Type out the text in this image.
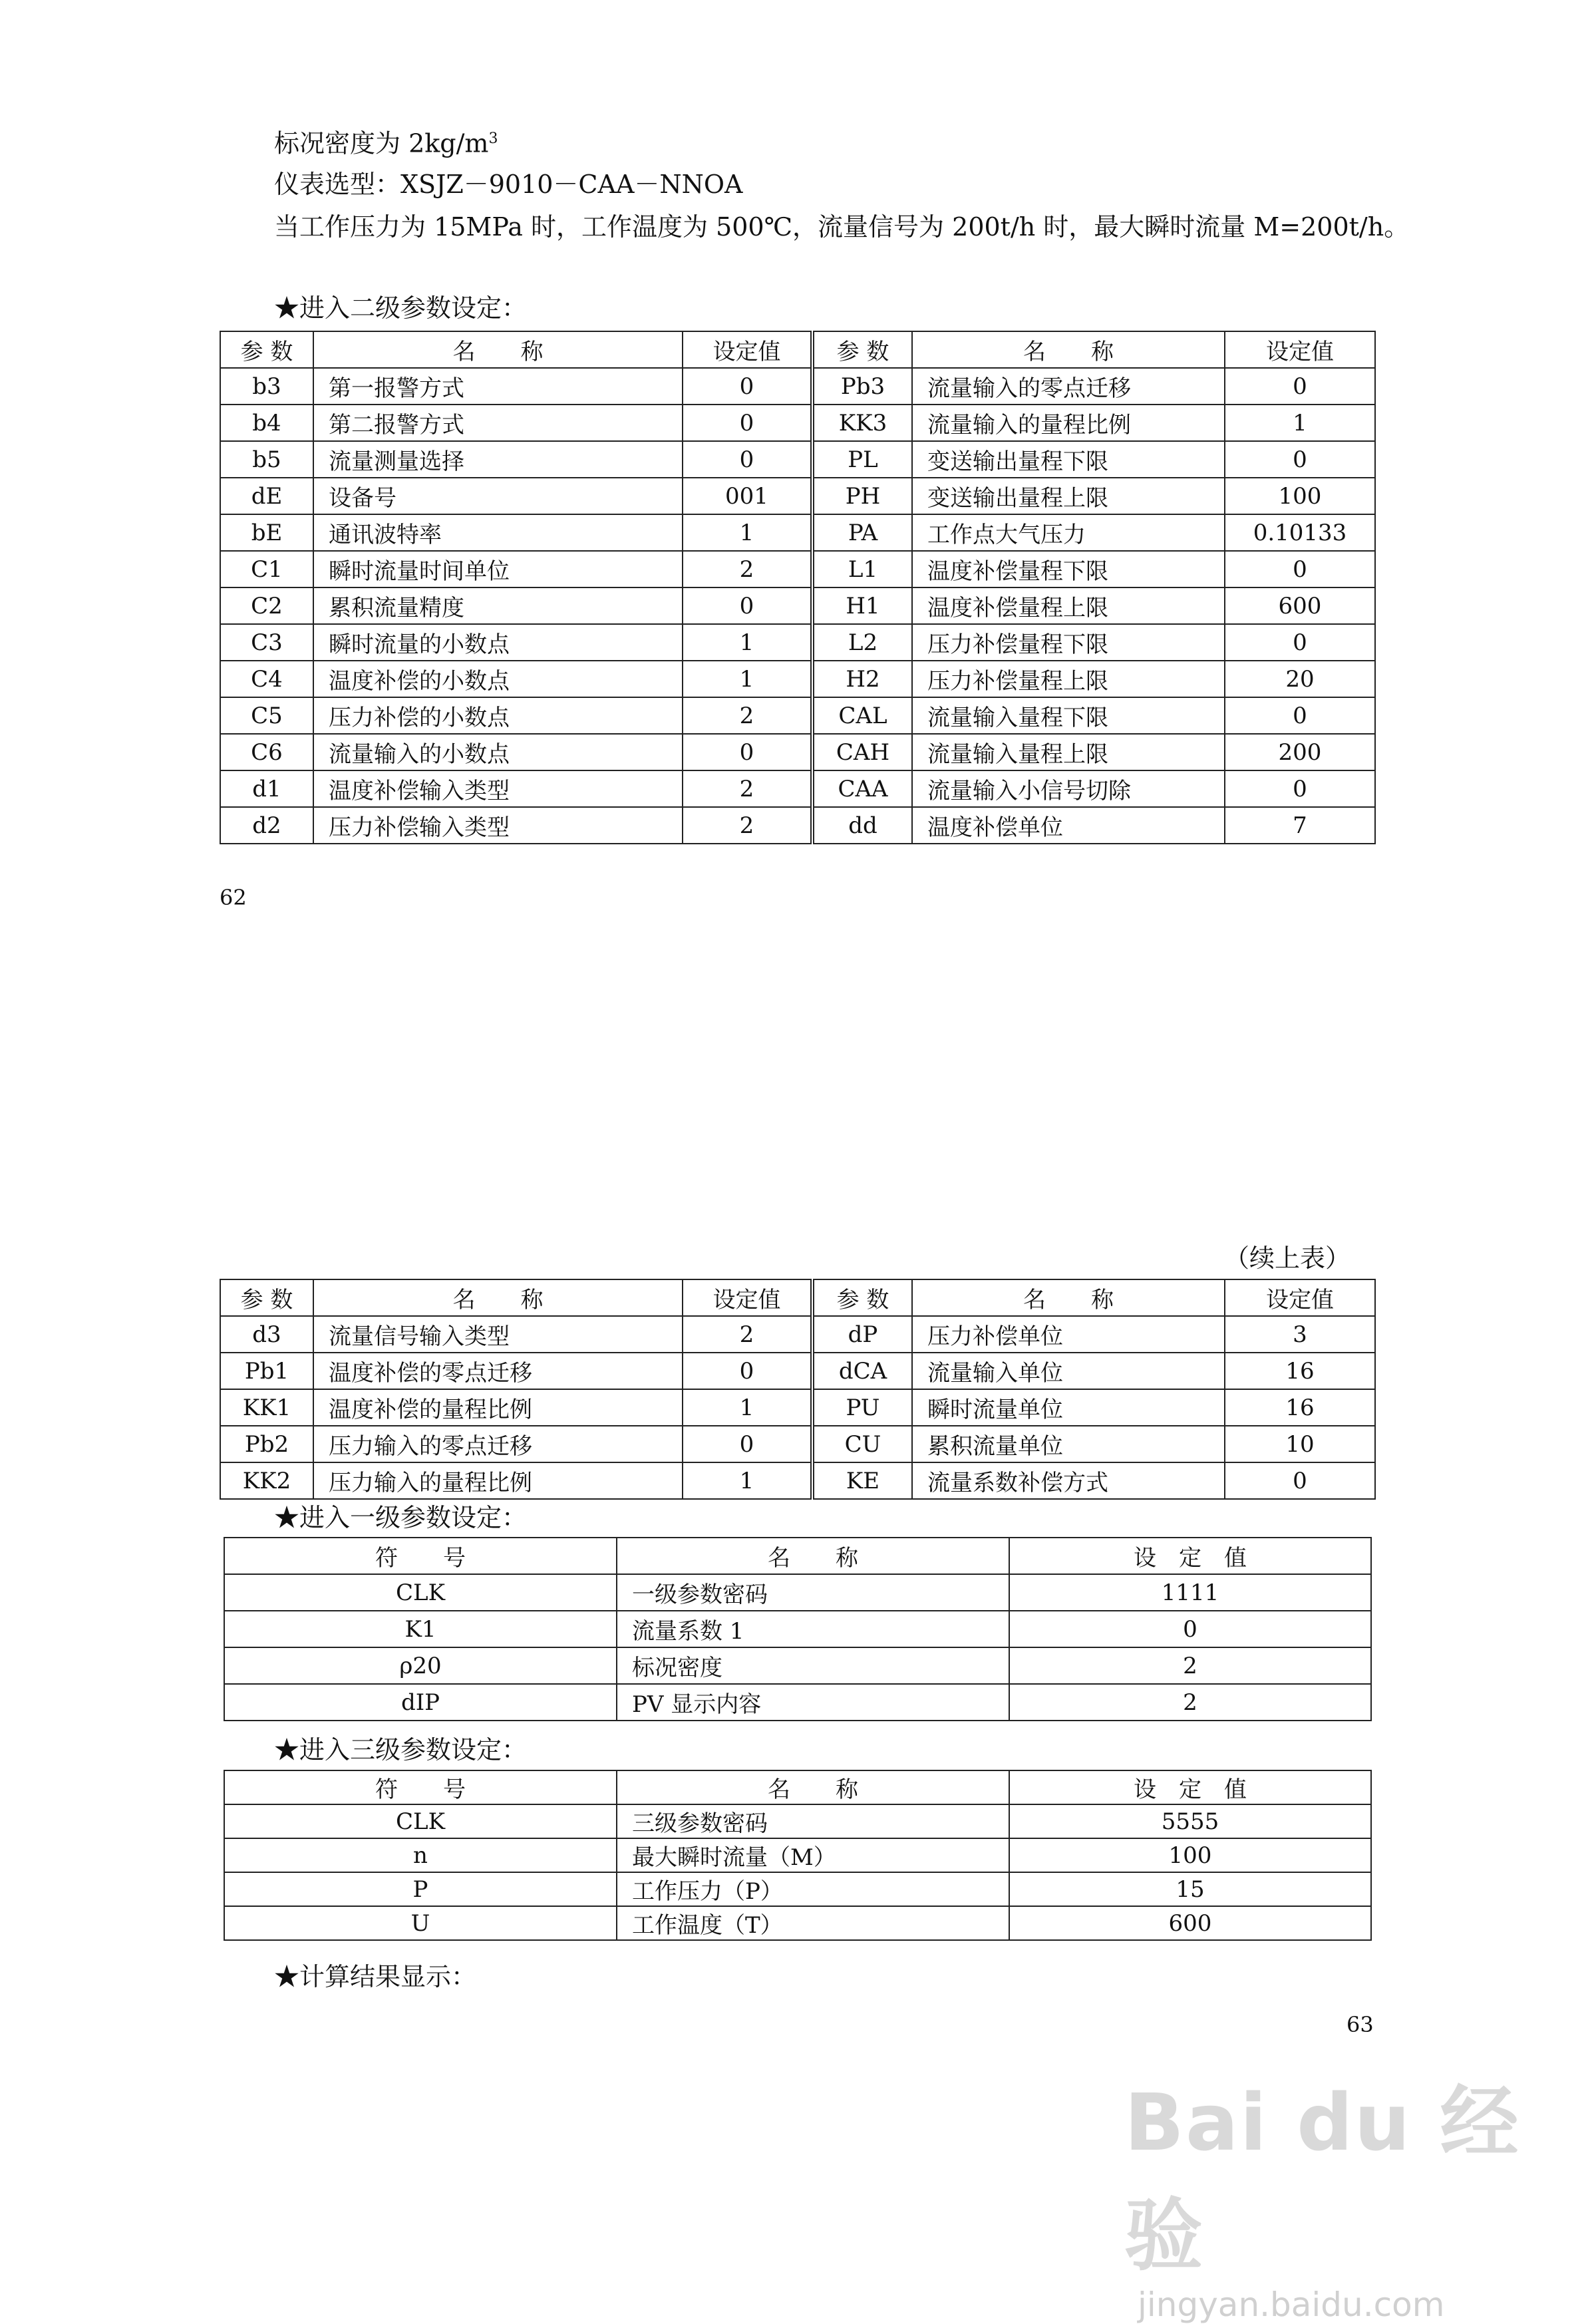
标况密度为 $2kg/m^3$
仪表选型：XSJZ－9010－CAA－NNOA
当工作压力为 15MPa 时，工作温度为 500℃，流量信号为 200t/h 时，最大瞬时流量 M=200t/h。
★进入二级参数设定：
参 数	名　　称	设定值	参 数	名　　称	设定值
b3	第一报警方式	0	Pb3	流量输入的零点迁移	0
b4	第二报警方式	0	KK3	流量输入的量程比例	1
b5	流量测量选择	0	PL	变送输出量程下限	0
dE	设备号	001	PH	变送输出量程上限	100
bE	通讯波特率	1	PA	工作点大气压力	0.10133
C1	瞬时流量时间单位	2	L1	温度补偿量程下限	0
C2	累积流量精度	0	H1	温度补偿量程上限	600
C3	瞬时流量的小数点	1	L2	压力补偿量程下限	0
C4	温度补偿的小数点	1	H2	压力补偿量程上限	20
C5	压力补偿的小数点	2	CAL	流量输入量程下限	0
C6	流量输入的小数点	0	CAH	流量输入量程上限	200
d1	温度补偿输入类型	2	CAA	流量输入小信号切除	0
d2	压力补偿输入类型	2	dd	温度补偿单位	7
62
（续上表）
参 数	名　　称	设定值	参 数	名　　称	设定值
d3	流量信号输入类型	2	dP	压力补偿单位	3
Pb1	温度补偿的零点迁移	0	dCA	流量输入单位	16
KK1	温度补偿的量程比例	1	PU	瞬时流量单位	16
Pb2	压力输入的零点迁移	0	CU	累积流量单位	10
KK2	压力输入的量程比例	1	KE	流量系数补偿方式	0
★进入一级参数设定：
符　　号	名　　称	设　定　值
CLK	一级参数密码	1111
K1	流量系数 1	0
ρ20	标况密度	2
dIP	PV 显示内容	2
★进入三级参数设定：
符　　号	名　　称	设　定　值
CLK	三级参数密码	5555
n	最大瞬时流量（M）	100
P	工作压力（P）	15
U	工作温度（T）	600
★计算结果显示：
63
Bai du 经验
jingyan.baidu.com
